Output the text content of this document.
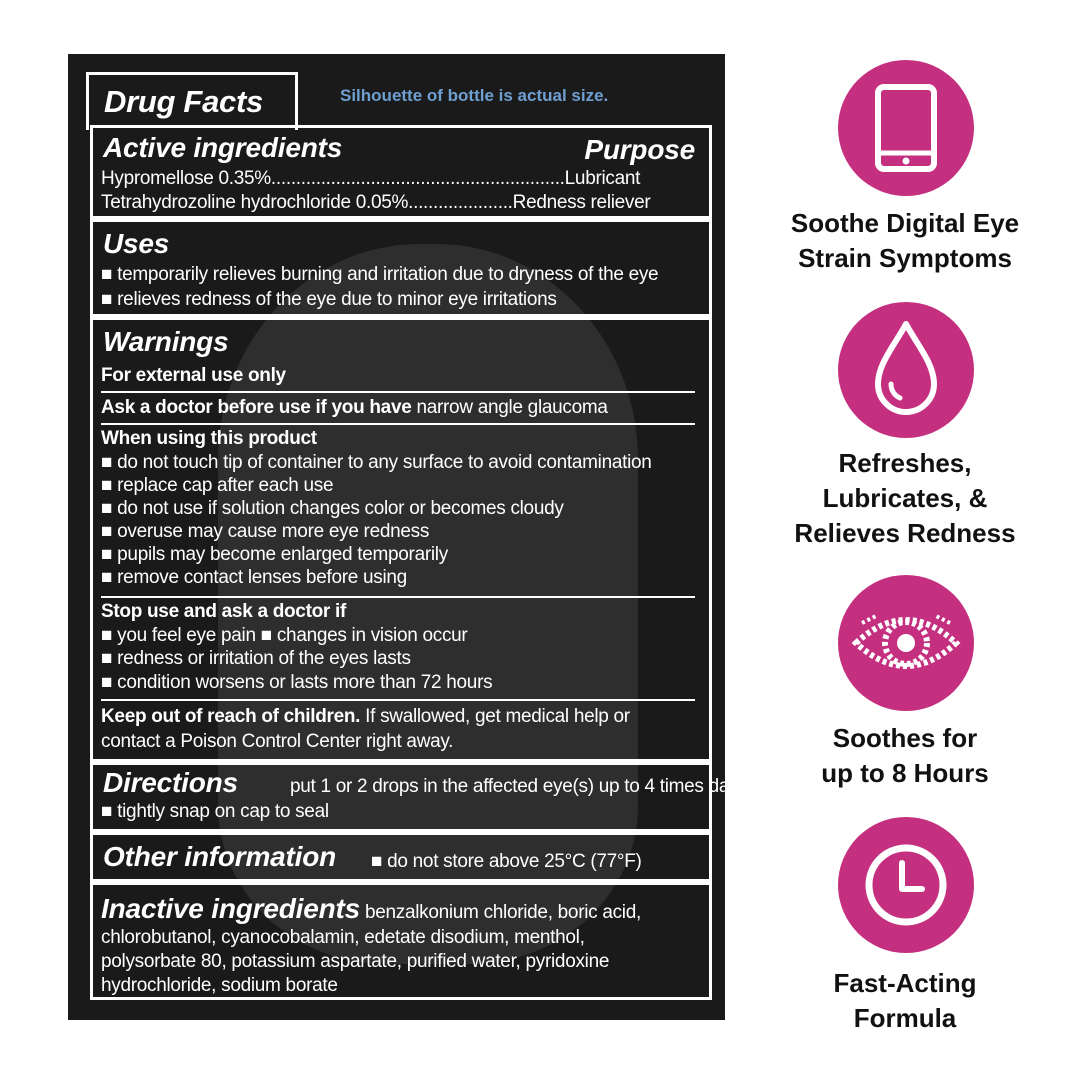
Drug Facts	Silhouette of bottle is actual size.
Active ingredients	Purpose
Hypromellose 0.35%...........................................................Lubricant
Tetrahydrozoline hydrochloride 0.05%.....................Redness reliever
Uses
■ temporarily relieves burning and irritation due to dryness of the eye
■ relieves redness of the eye due to minor eye irritations
Warnings
For external use only
Ask a doctor before use if you have narrow angle glaucoma
When using this product
■ do not touch tip of container to any surface to avoid contamination
■ replace cap after each use
■ do not use if solution changes color or becomes cloudy
■ overuse may cause more eye redness
■ pupils may become enlarged temporarily
■ remove contact lenses before using
Stop use and ask a doctor if
■ you feel eye pain ■ changes in vision occur
■ redness or irritation of the eyes lasts
■ condition worsens or lasts more than 72 hours
Keep out of reach of children. If swallowed, get medical help or
contact a Poison Control Center right away.
Directions	put 1 or 2 drops in the affected eye(s) up to 4 times daily
■ tightly snap on cap to seal
Other information ■ do not store above 25°C (77°F)
Inactive ingredients benzalkonium chloride, boric acid,
chlorobutanol, cyanocobalamin, edetate disodium, menthol,
polysorbate 80, potassium aspartate, purified water, pyridoxine
hydrochloride, sodium borate
Soothe Digital Eye
Strain Symptoms
Refreshes,
Lubricates, &
Relieves Redness
Soothes for
up to 8 Hours
Fast-Acting
Formula
